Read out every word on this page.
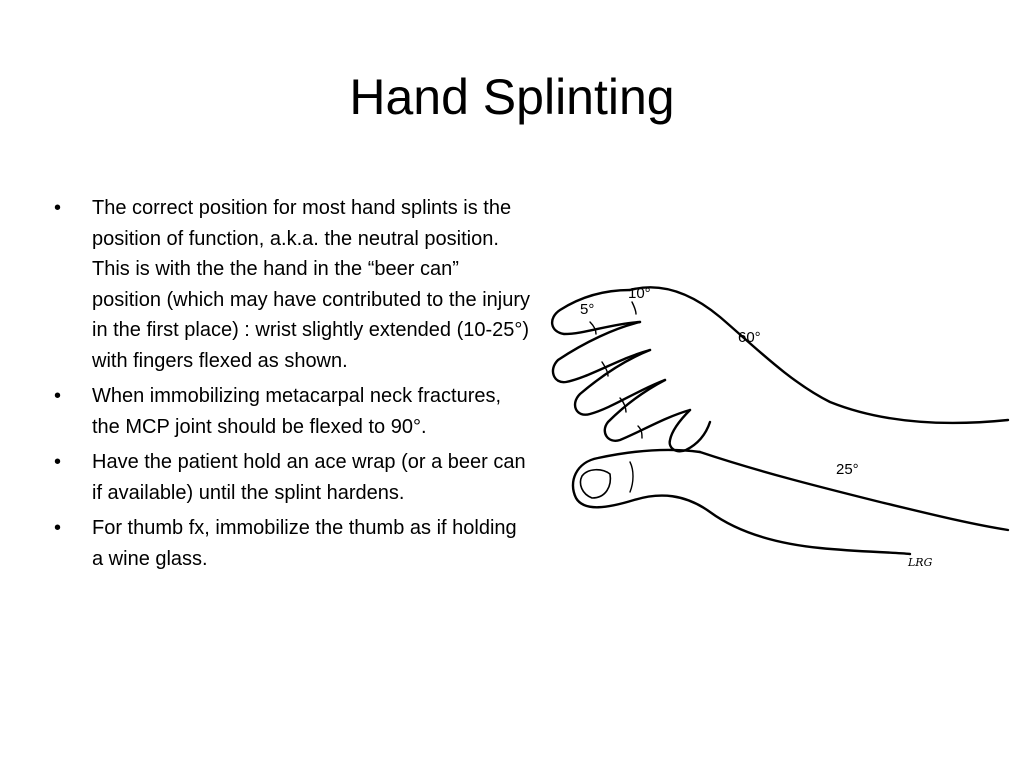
Hand Splinting
• The correct position for most hand splints is the position of function, a.k.a. the neutral position. This is with the the hand in the “beer can” position (which may have contributed to the injury in the first place) : wrist slightly extended (10-25°) with fingers flexed as shown.
• When immobilizing metacarpal neck fractures, the MCP joint should be flexed to 90°.
• Have the patient hold an ace wrap (or a beer can if available) until the splint hardens.
• For thumb fx, immobilize the thumb as if holding a wine glass.
5°
10°
60°
25°
LRG
